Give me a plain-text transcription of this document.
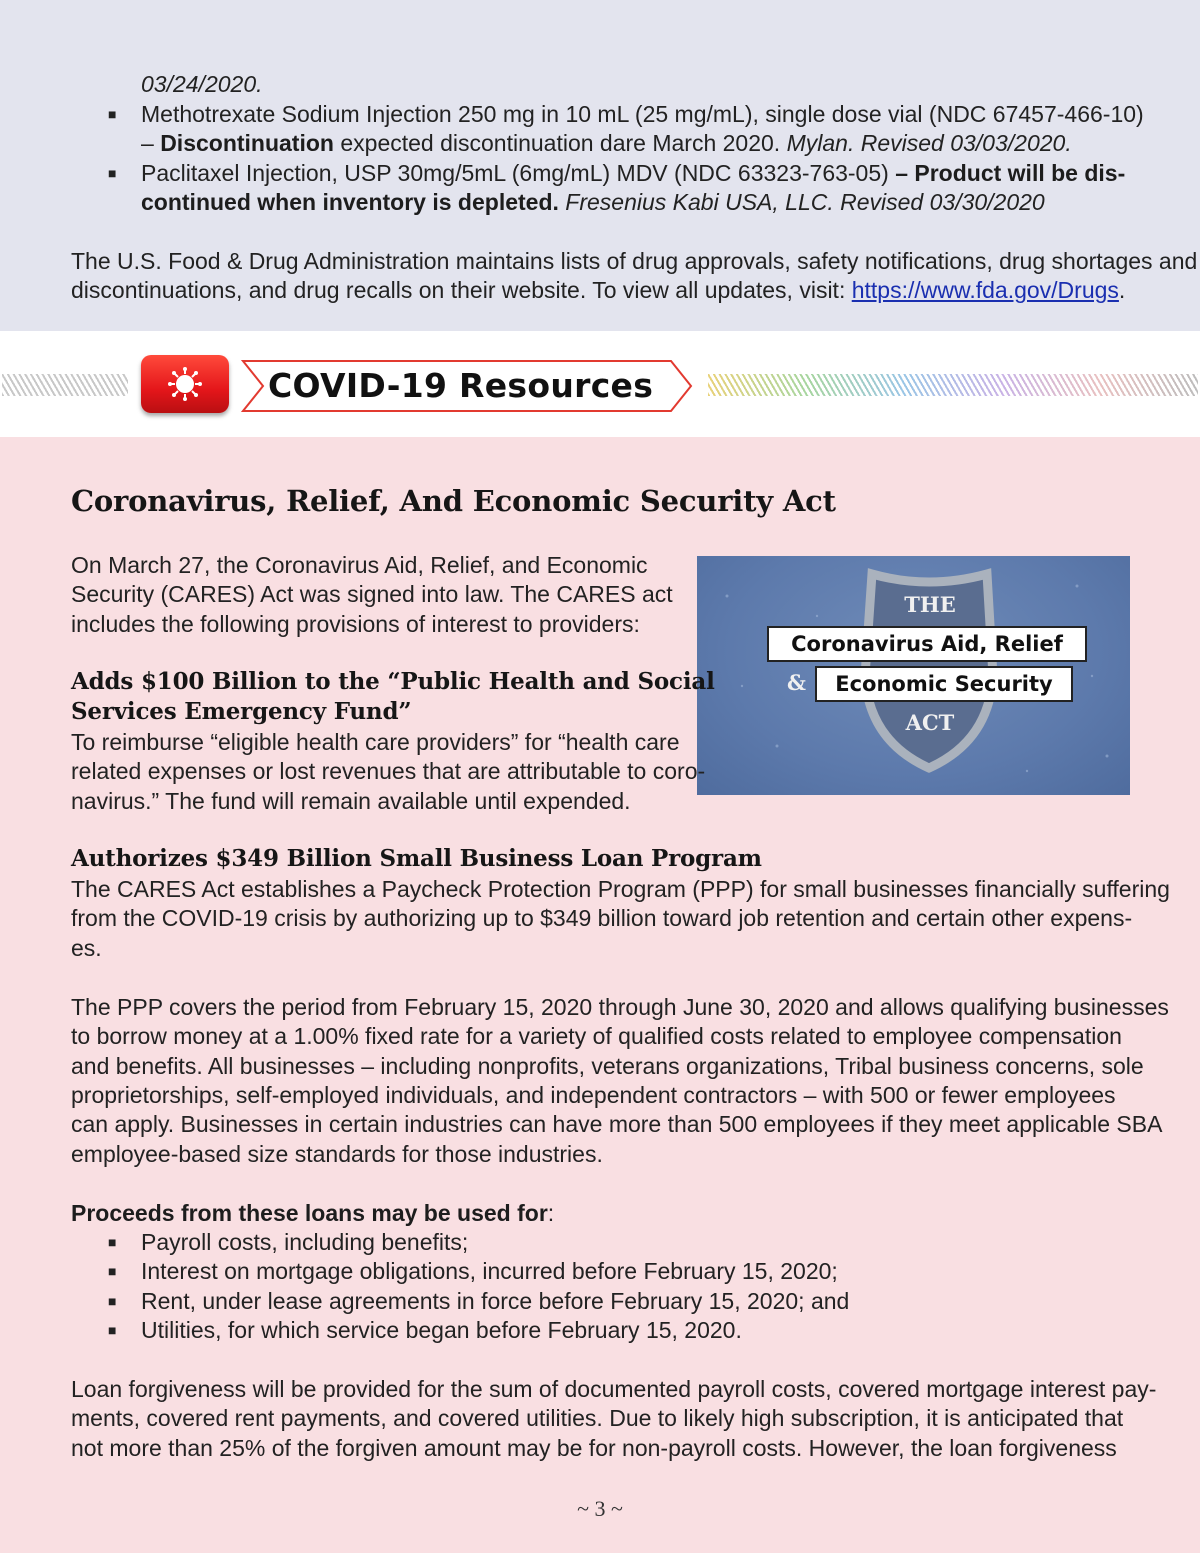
03/24/2020.
■ Methotrexate Sodium Injection 250 mg in 10 mL (25 mg/mL), single dose vial (NDC 67457-466-10)
– Discontinuation expected discontinuation dare March 2020. Mylan. Revised 03/03/2020.
■ Paclitaxel Injection, USP 30mg/5mL (6mg/mL) MDV (NDC 63323-763-05) – Product will be dis-
continued when inventory is depleted. Fresenius Kabi USA, LLC. Revised 03/30/2020
The U.S. Food & Drug Administration maintains lists of drug approvals, safety notifications, drug shortages and
discontinuations, and drug recalls on their website. To view all updates, visit: https://www.fda.gov/Drugs.
COVID-19 Resources
Coronavirus, Relief, And Economic Security Act
On March 27, the Coronavirus Aid, Relief, and Economic
Security (CARES) Act was signed into law. The CARES act
includes the following provisions of interest to providers:
THE
Coronavirus Aid, Relief
&	Economic Security
ACT
Adds $100 Billion to the “Public Health and Social
Services Emergency Fund”
To reimburse “eligible health care providers” for “health care
related expenses or lost revenues that are attributable to coro-
navirus.” The fund will remain available until expended.
Authorizes $349 Billion Small Business Loan Program
The CARES Act establishes a Paycheck Protection Program (PPP) for small businesses financially suffering
from the COVID-19 crisis by authorizing up to $349 billion toward job retention and certain other expens-
es.
The PPP covers the period from February 15, 2020 through June 30, 2020 and allows qualifying businesses
to borrow money at a 1.00% fixed rate for a variety of qualified costs related to employee compensation
and benefits. All businesses – including nonprofits, veterans organizations, Tribal business concerns, sole
proprietorships, self-employed individuals, and independent contractors – with 500 or fewer employees
can apply. Businesses in certain industries can have more than 500 employees if they meet applicable SBA
employee-based size standards for those industries.
Proceeds from these loans may be used for:
■ Payroll costs, including benefits;
■ Interest on mortgage obligations, incurred before February 15, 2020;
■ Rent, under lease agreements in force before February 15, 2020; and
■ Utilities, for which service began before February 15, 2020.
Loan forgiveness will be provided for the sum of documented payroll costs, covered mortgage interest pay-
ments, covered rent payments, and covered utilities. Due to likely high subscription, it is anticipated that
not more than 25% of the forgiven amount may be for non-payroll costs. However, the loan forgiveness
~ 3 ~
